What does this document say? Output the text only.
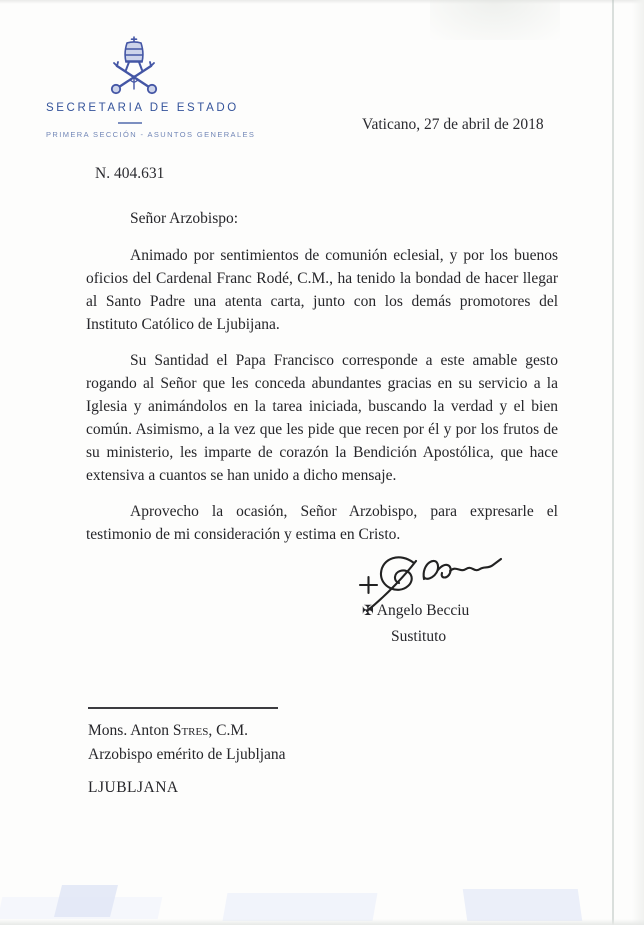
SECRETARIA DE ESTADO
PRIMERA SECCIÓN - ASUNTOS GENERALES
Vaticano, 27 de abril de 2018
N. 404.631
Señor Arzobispo:

Animado por sentimientos de comunión eclesial, y por los buenos oficios del Cardenal Franc Rodé, C.M., ha tenido la bondad de hacer llegar al Santo Padre una atenta carta, junto con los demás promotores del Instituto Católico de Ljubijana.

Su Santidad el Papa Francisco corresponde a este amable gesto rogando al Señor que les conceda abundantes gracias en su servicio a la Iglesia y animándolos en la tarea iniciada, buscando la verdad y el bien común. Asimismo, a la vez que les pide que recen por él y por los frutos de su ministerio, les imparte de corazón la Bendición Apostólica, que hace extensiva a cuantos se han unido a dicho mensaje.

Aprovecho la ocasión, Señor Arzobispo, para expresarle el testimonio de mi consideración y estima en Cristo.

✠ Angelo Becciu
Sustituto
Mons. Anton Stres, C.M.
Arzobispo emérito de Ljubljana
LJUBLJANA
